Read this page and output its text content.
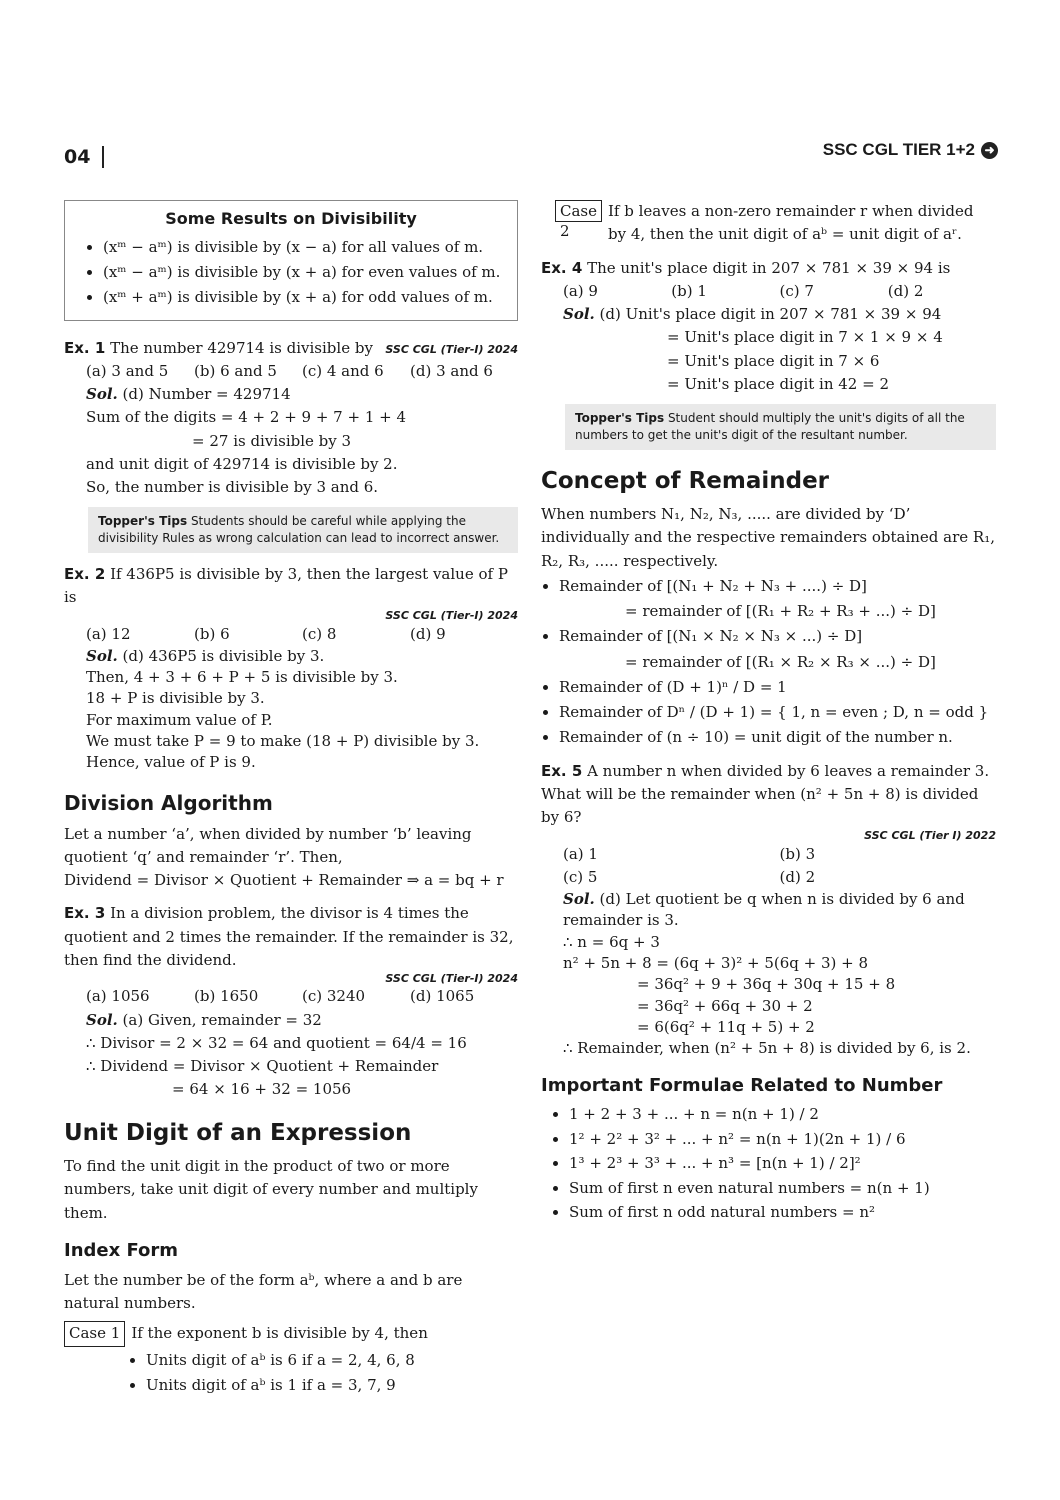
04	SSC CGL TIER 1+2 ➜
Some Results on Divisibility
• (xᵐ − aᵐ) is divisible by (x − a) for all values of m.
• (xᵐ − aᵐ) is divisible by (x + a) for even values of m.
• (xᵐ + aᵐ) is divisible by (x + a) for odd values of m.
SSC CGL (Tier-I) 2024
Ex. 1 The number 429714 is divisible by
(a) 3 and 5	(b) 6 and 5	(c) 4 and 6	(d) 3 and 6
Sol. (d) Number = 429714
Sum of the digits = 4 + 2 + 9 + 7 + 1 + 4
= 27 is divisible by 3
and unit digit of 429714 is divisible by 2.
So, the number is divisible by 3 and 6.
Topper's Tips Students should be careful while applying the divisibility Rules as wrong calculation can lead to incorrect answer.
Ex. 2 If 436P5 is divisible by 3, then the largest value of P is
SSC CGL (Tier-I) 2024
(a) 12	(b) 6	(c) 8	(d) 9
Sol. (d) 436P5 is divisible by 3.
Then, 4 + 3 + 6 + P + 5 is divisible by 3.
18 + P is divisible by 3.
For maximum value of P.
We must take P = 9 to make (18 + P) divisible by 3.
Hence, value of P is 9.
Division Algorithm
Let a number ‘a’, when divided by number ‘b’ leaving quotient ‘q’ and remainder ‘r’. Then,
Dividend = Divisor × Quotient + Remainder ⇒ a = bq + r
Ex. 3 In a division problem, the divisor is 4 times the quotient and 2 times the remainder. If the remainder is 32, then find the dividend.
SSC CGL (Tier-I) 2024
(a) 1056	(b) 1650	(c) 3240	(d) 1065
Sol. (a) Given, remainder = 32
∴ Divisor = 2 × 32 = 64 and quotient = 64/4 = 16
∴ Dividend = Divisor × Quotient + Remainder
= 64 × 16 + 32 = 1056
Unit Digit of an Expression
To find the unit digit in the product of two or more numbers, take unit digit of every number and multiply them.
Index Form
Let the number be of the form aᵇ, where a and b are natural numbers.
Case 1 If the exponent b is divisible by 4, then
• Units digit of aᵇ is 6 if a = 2, 4, 6, 8
• Units digit of aᵇ is 1 if a = 3, 7, 9
Case 2
If b leaves a non-zero remainder r when divided by 4, then the unit digit of aᵇ = unit digit of aʳ.
Ex. 4 The unit's place digit in 207 × 781 × 39 × 94 is
(a) 9	(b) 1	(c) 7	(d) 2
Sol. (d) Unit's place digit in 207 × 781 × 39 × 94
= Unit's place digit in 7 × 1 × 9 × 4
= Unit's place digit in 7 × 6
= Unit's place digit in 42 = 2
Topper's Tips Student should multiply the unit's digits of all the numbers to get the unit's digit of the resultant number.
Concept of Remainder
When numbers N₁, N₂, N₃, ..... are divided by ‘D’ individually and the respective remainders obtained are R₁, R₂, R₃, ..... respectively.
• Remainder of [(N₁ + N₂ + N₃ + ....) ÷ D]
= remainder of [(R₁ + R₂ + R₃ + ...) ÷ D]
• Remainder of [(N₁ × N₂ × N₃ × ...) ÷ D]
= remainder of [(R₁ × R₂ × R₃ × ...) ÷ D]
• Remainder of (D + 1)ⁿ / D = 1
• Remainder of Dⁿ / (D + 1) = { 1, n = even ; D, n = odd }
• Remainder of (n ÷ 10) = unit digit of the number n.
Ex. 5 A number n when divided by 6 leaves a remainder 3. What will be the remainder when (n² + 5n + 8) is divided by 6?
SSC CGL (Tier I) 2022
(a) 1	(b) 3
(c) 5	(d) 2
Sol. (d) Let quotient be q when n is divided by 6 and remainder is 3.
∴ n = 6q + 3
n² + 5n + 8 = (6q + 3)² + 5(6q + 3) + 8
= 36q² + 9 + 36q + 30q + 15 + 8
= 36q² + 66q + 30 + 2
= 6(6q² + 11q + 5) + 2
∴ Remainder, when (n² + 5n + 8) is divided by 6, is 2.
Important Formulae Related to Number
• 1 + 2 + 3 + ... + n = n(n + 1) / 2
• 1² + 2² + 3² + ... + n² = n(n + 1)(2n + 1) / 6
• 1³ + 2³ + 3³ + ... + n³ = [n(n + 1) / 2]²
• Sum of first n even natural numbers = n(n + 1)
• Sum of first n odd natural numbers = n²
